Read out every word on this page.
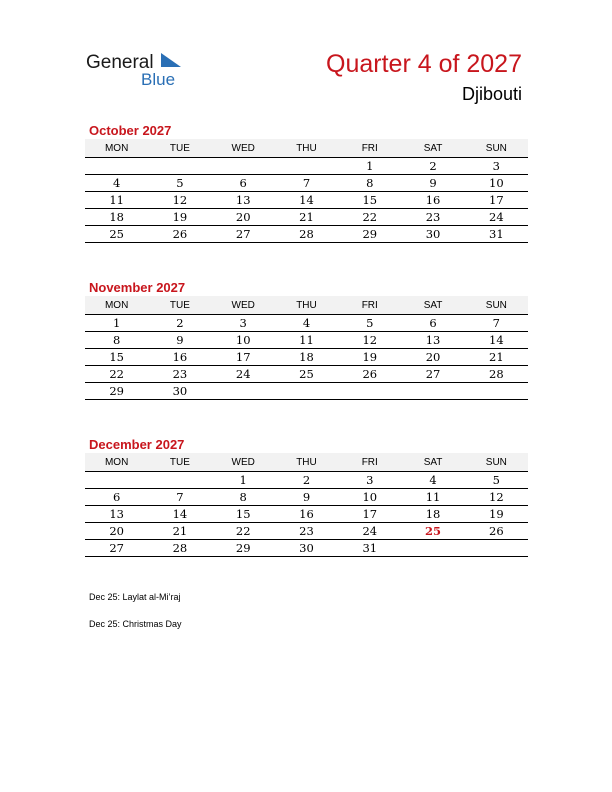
General
Blue
Quarter 4 of 2027
Djibouti
October 2027
MON	TUE	WED	THU	FRI	SAT	SUN
				1	2	3
4	5	6	7	8	9	10
11	12	13	14	15	16	17
18	19	20	21	22	23	24
25	26	27	28	29	30	31
November 2027
MON	TUE	WED	THU	FRI	SAT	SUN
1	2	3	4	5	6	7
8	9	10	11	12	13	14
15	16	17	18	19	20	21
22	23	24	25	26	27	28
29	30					
December 2027
MON	TUE	WED	THU	FRI	SAT	SUN
		1	2	3	4	5
6	7	8	9	10	11	12
13	14	15	16	17	18	19
20	21	22	23	24	25	26
27	28	29	30	31		
Dec 25: Laylat al-Mi’raj
Dec 25: Christmas Day
